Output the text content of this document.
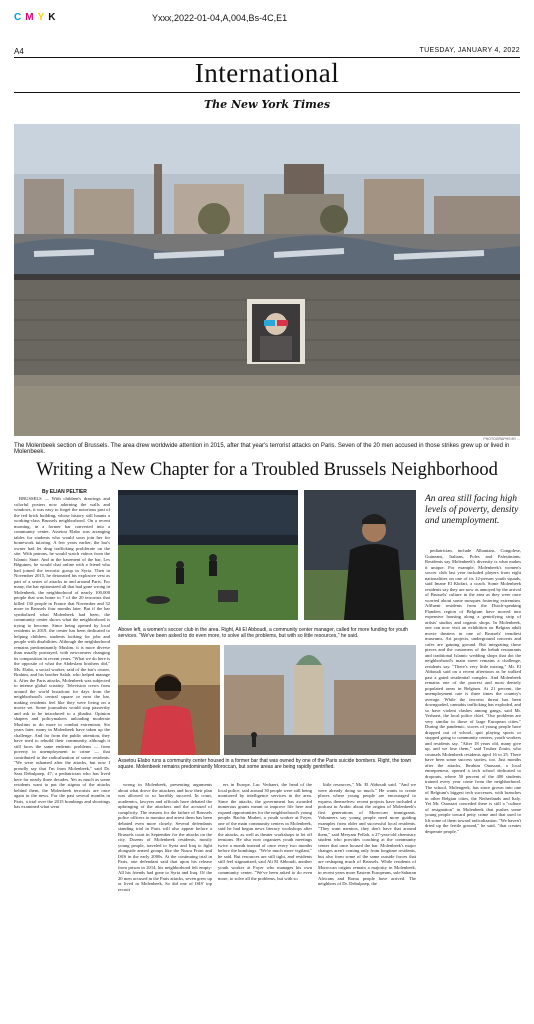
CMYK	Yxxx,2022-01-04,A,004,Bs-4C,E1
A4	TUESDAY, JANUARY 4, 2022
International
The New York Times
PHOTOGRAPHS BY ...
The Molenbeek section of Brussels. The area drew worldwide attention in 2015, after that year's terrorist attacks on Paris. Seven of the 20 men accused in those strikes grew up or lived in Molenbeek.
Writing a New Chapter for a Troubled Brussels Neighborhood
By ELIAN PELTIER

BRUSSELS — With children's drawings and colorful posters now adorning the walls and windows, it was easy to forget the notorious past of the red brick building, whose history still haunts a working-class Brussels neighborhood. On a recent morning, in a former bar converted into a community center, Assetou Elabo was arranging tables for students who would soon join her for homework tutoring. A few years earlier, the bar's owner had let drug trafficking proliferate on the site. With patrons, he would watch videos from the Islamic State. And in the basement of the bar, Les Béguines, he would chat online with a friend who had joined the terrorist group in Syria. Then in November 2015, he detonated his explosive vest as part of a series of attacks in and around Paris. For many, the bar epitomized all that had gone wrong in Molenbeek, the neighborhood of nearly 100,000 people that was home to 7 of the 20 terrorists that killed 130 people in France that November and 32 more in Brussels four months later. But if the bar symbolized what Molenbeek had been, the community center shows what the neighborhood is trying to become. Since being opened by local residents in 2019, the center has been dedicated to helping children, students looking for jobs and people with disabilities. Although the neighborhood remains predominantly Muslim, it is more diverse than usually portrayed, with newcomers changing its composition in recent years. "What we do here is the opposite of what the Abdeslam brothers did," Ms. Elabo, a social worker, said of the bar's owner, Brahim, and his brother Salah, who helped manage it. After the Paris attacks, Molenbeek was subjected to intense global scrutiny. Television crews from around the world broadcast for days from the neighborhood's central square or near the bar, making residents feel like they were living on a movie set. Some journalists would stop passersby and ask to be introduced to a jihadist. Opinion shapers and policymakers unloading moderate Muslims to do more to combat extremism. Six years later, many in Molenbeek have taken up the challenge. And far from the public attention, they have tried to rebuild their community, although it still faces the same endemic problems — from poverty to unemployment to crime — that contributed to the radicalization of some residents. "We were ashamed after the attacks, but now I proudly say that I'm from Molenbeek," said Dr. Sara Debulpaep, 47, a pediatrician who has lived here for nearly three decades. Yet as much as some residents want to put the stigma of the attacks behind them, the Molenbeek terrorists are once again in the news. For the past several months in Paris, a trial over the 2015 bombings and shootings has examined what went

Above left, a women's soccer club in the area. Right, Ali El Abboudi, a community center manager, called for more funding for youth services. "We've been asked to do even more, to solve all the problems, but with so little resources," he said.
Assetou Elabo runs a community center housed in a former bar that was owned by one of the Paris suicide bombers. Right, the town square. Molenbeek remains predominantly Moroccan, but some areas are being rapidly gentrified.

wrong in Molenbeek, presenting arguments about what drove the attackers and how their plan was allowed to so horribly succeed. In court, academics, lawyers and officials have debated the upbringing of the attackers and the accused of complicity. The reasons for the failure of Brussels police officers to monitor and arrest them has been debated even more closely. Several defendants standing trial in Paris will also appear before a Brussels court in September for the attacks on the city. Dozens of Molenbeek residents, mostly young people, traveled to Syria and Iraq to fight alongside armed groups like the Nusra Front and ISIS in the early 2000s. At the continuing trial in Paris, one defendant said that upon his release from prison in 2014, his neighborhood felt empty: All his friends had gone to Syria and Iraq. Of the 20 men accused in the Paris attacks, seven grew up or lived in Molenbeek. So did one of ISIS' top recruit

ers in Europe. Luc Verhaert, the head of the local police, said around 30 people were still being monitored by intelligence services in the area. Since the attacks, the government has awarded numerous grants meant to improve life here and expand opportunities for the neighborhood's young people. Bachir Mrabet, a youth worker at Foyer, one of the main community centers in Molenbeek, said he had begun news literacy workshops after the attacks, as well as theater workshops to let off tensions. He also now organizes youth meetings twice a month instead of once every two months before the bombings. "We're much more vigilant," he said. But resources are still tight, and residents still feel stigmatized, said Ali El Abboudi, another youth worker at Foyer who manages his own community center. "We've been asked to do even more, to solve all the problems, but with so

little resources," Mr. El Abboudi said. "And we were already doing so much." He wants to create places where young people are encouraged to express themselves; recent projects have included a podcast in Arabic about the origins of Molenbeek's first generations of Moroccan immigrants. Volunteers say young people need more guiding examples from older and successful local residents. "They want mentors, they don't have that around them," said Meryam Fellah, a 27-year-old chemistry student who provides coaching at the community center that once housed the bar. Molenbeek's major changes aren't coming only from longtime residents, but also from some of the same outside forces that are reshaping much of Brussels. While residents of Moroccan origins remain a majority in Molenbeek, in recent years more Eastern Europeans, sub-Saharan Africans and Roma people have arrived. The neighbors of Dr. Debulpaep, the

An area still facing high levels of poverty, density and unemployment.

pediatrician, include Albanians, Congolese, Guineans, Italians, Poles and Palestinians. Residents say Molenbeek's diversity is what makes it unique. For example, Molenbeek's women's soccer club last year included players from eight nationalities on one of its 12-person youth squads, said Imane El Khifari, a coach. Some Molenbeek residents say they are now as annoyed by the arrival of Brussels' culture in the area as they were once worried about some mosques fostering extremism. Affluent residents from the Dutch-speaking Flanders region of Belgium have moved into expensive housing along a gentrifying strip of artists' studios and organic shops. In Molenbeek, one can now visit an exhibition on Belgian adult movie theaters in one of Brussels' trendiest museums. Art projects, underground concerts and cafes are gaining ground. But integrating those pieces and the customers of the kebab restaurants and traditional Islamic wedding shops that dot the neighborhood's main street remains a challenge, residents say. "There's very little mixing," Mr. El Abboudi said on a recent afternoon as he walked past a gated residential complex. And Molenbeek remains one of the poorest and most densely populated areas in Belgium. At 21 percent, the unemployment rate is three times the country's average. While the terrorist threat has been downgraded, cannabis trafficking has exploded, and so have violent clashes among gangs, said Mr. Verhaert, the local police chief. "Our problems are very similar to those of large European cities." During the pandemic, scores of young people have dropped out of school, quit playing sports or stopped going to community centers, youth workers and residents say. "After 18 years old, many give up, and we lose them," said Touhra Zouin, who counsels Molenbeek residents aged 16 to 25. There have been some success stories, too. Just months after the attacks, Ibrahim Ouassari, a local entrepreneur, opened a tech school dedicated to dropouts, where 50 percent of the 400 students trained every year come from the neighborhood. The school, Molengeek, has since grown into one of Belgium's biggest tech successes, with branches in other Belgian cities, the Netherlands and Italy. Yet Mr. Ouassari conceded there is still a "culture of resignation" in Molenbeek that pushes some young people toward petty crime and that used to lift some of them toward radicalization. "We haven't dried up the fertile ground," he said, "that creates desperate people."
